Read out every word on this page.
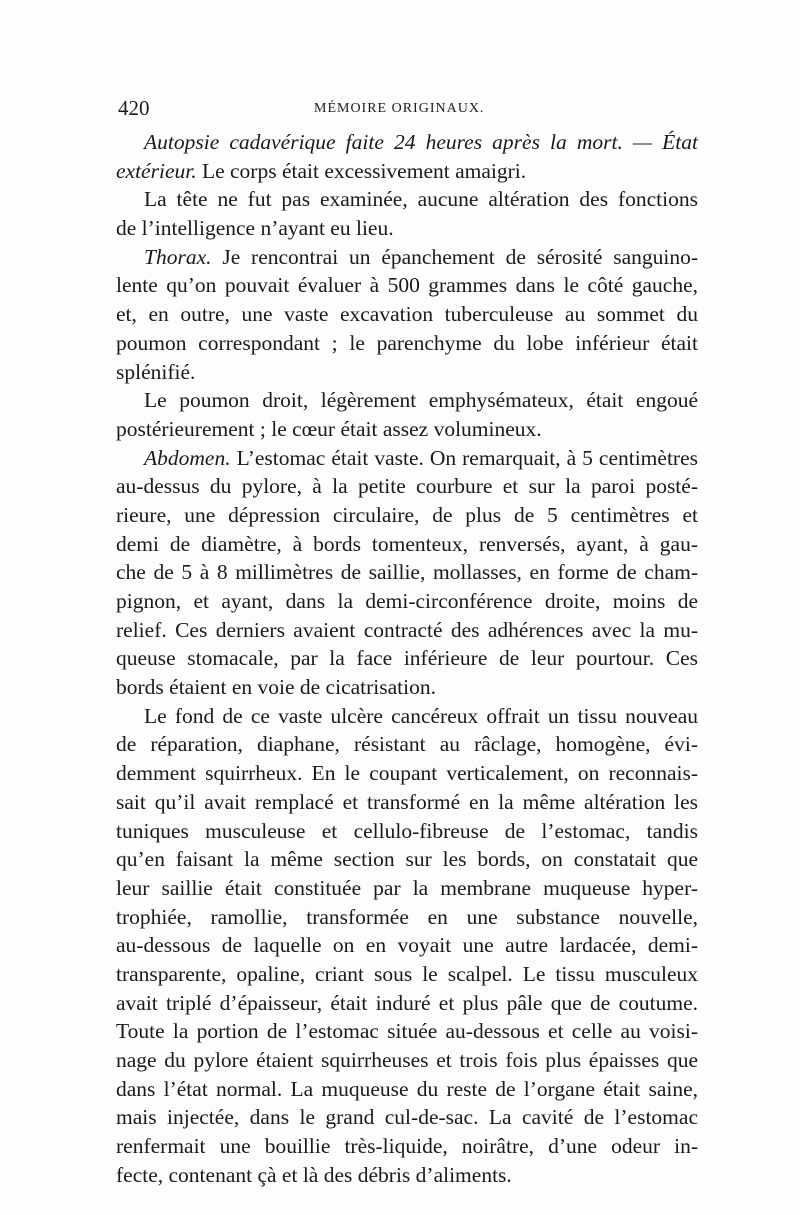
420	MÉMOIRE ORIGINAUX.
Autopsie cadavérique faite 24 heures après la mort. — État
extérieur. Le corps était excessivement amaigri.
La tête ne fut pas examinée, aucune altération des fonctions
de l’intelligence n’ayant eu lieu.
Thorax. Je rencontrai un épanchement de sérosité sanguino-
lente qu’on pouvait évaluer à 500 grammes dans le côté gauche,
et, en outre, une vaste excavation tuberculeuse au sommet du
poumon correspondant ; le parenchyme du lobe inférieur était
splénifié.
Le poumon droit, légèrement emphysémateux, était engoué
postérieurement ; le cœur était assez volumineux.
Abdomen. L’estomac était vaste. On remarquait, à 5 centimètres
au-dessus du pylore, à la petite courbure et sur la paroi posté-
rieure, une dépression circulaire, de plus de 5 centimètres et
demi de diamètre, à bords tomenteux, renversés, ayant, à gau-
che de 5 à 8 millimètres de saillie, mollasses, en forme de cham-
pignon, et ayant, dans la demi-circonférence droite, moins de
relief. Ces derniers avaient contracté des adhérences avec la mu-
queuse stomacale, par la face inférieure de leur pourtour. Ces
bords étaient en voie de cicatrisation.
Le fond de ce vaste ulcère cancéreux offrait un tissu nouveau
de réparation, diaphane, résistant au râclage, homogène, évi-
demment squirrheux. En le coupant verticalement, on reconnais-
sait qu’il avait remplacé et transformé en la même altération les
tuniques musculeuse et cellulo-fibreuse de l’estomac, tandis
qu’en faisant la même section sur les bords, on constatait que
leur saillie était constituée par la membrane muqueuse hyper-
trophiée, ramollie, transformée en une substance nouvelle,
au-dessous de laquelle on en voyait une autre lardacée, demi-
transparente, opaline, criant sous le scalpel. Le tissu musculeux
avait triplé d’épaisseur, était induré et plus pâle que de coutume.
Toute la portion de l’estomac située au-dessous et celle au voisi-
nage du pylore étaient squirrheuses et trois fois plus épaisses que
dans l’état normal. La muqueuse du reste de l’organe était saine,
mais injectée, dans le grand cul-de-sac. La cavité de l’estomac
renfermait une bouillie très-liquide, noirâtre, d’une odeur in-
fecte, contenant çà et là des débris d’aliments.
